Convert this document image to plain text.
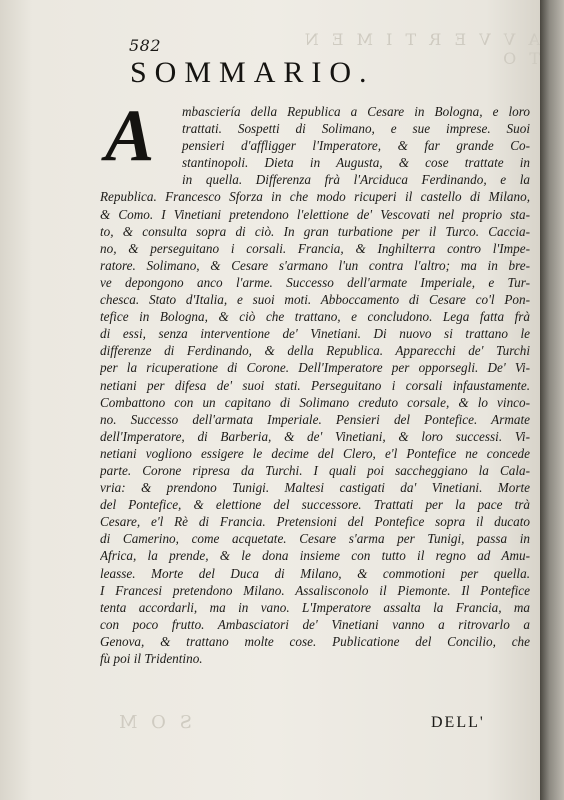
A V V E R T I M E N T O
S O M
582
SOMMARIO.
A	mbasciería della Republica a Cesare in Bologna, e loro
trattati. Sospetti di Solimano, e sue imprese. Suoi
pensieri d'affligger l'Imperatore, & far grande Co-
stantinopoli. Dieta in Augusta, & cose trattate in
in quella. Differenza frà l'Arciduca Ferdinando, e la
Republica. Francesco Sforza in che modo ricuperi il castello di Milano,
& Como. I Vinetiani pretendono l'elettione de' Vescovati nel proprio sta-
to, & consulta sopra di ciò. In gran turbatione per il Turco. Caccia-
no, & perseguitano i corsali. Francia, & Inghilterra contro l'Impe-
ratore. Solimano, & Cesare s'armano l'un contra l'altro; ma in bre-
ve depongono anco l'arme. Successo dell'armate Imperiale, e Tur-
chesca. Stato d'Italia, e suoi moti. Abboccamento di Cesare co'l Pon-
tefice in Bologna, & ciò che trattano, e concludono. Lega fatta frà
di essi, senza interventione de' Vinetiani. Di nuovo si trattano le
differenze di Ferdinando, & della Republica. Apparecchi de' Turchi
per la ricuperatione di Corone. Dell'Imperatore per opporsegli. De' Vi-
netiani per difesa de' suoi stati. Perseguitano i corsali infaustamente.
Combattono con un capitano di Solimano creduto corsale, & lo vinco-
no. Successo dell'armata Imperiale. Pensieri del Pontefice. Armate
dell'Imperatore, di Barberia, & de' Vinetiani, & loro successi. Vi-
netiani vogliono essigere le decime del Clero, e'l Pontefice ne concede
parte. Corone ripresa da Turchi. I quali poi saccheggiano la Cala-
vria: & prendono Tunigi. Maltesi castigati da' Vinetiani. Morte
del Pontefice, & elettione del successore. Trattati per la pace trà
Cesare, e'l Rè di Francia. Pretensioni del Pontefice sopra il ducato
di Camerino, come acquetate. Cesare s'arma per Tunigi, passa in
Africa, la prende, & le dona insieme con tutto il regno ad Amu-
leasse. Morte del Duca di Milano, & commotioni per quella.
I Francesi pretendono Milano. Assalisconolo il Piemonte. Il Pontefice
tenta accordarli, ma in vano. L'Imperatore assalta la Francia, ma
con poco frutto. Ambasciatori de' Vinetiani vanno a ritrovarlo a
Genova, & trattano molte cose. Publicatione del Concilio, che
fù poi il Tridentino.
DELL'
